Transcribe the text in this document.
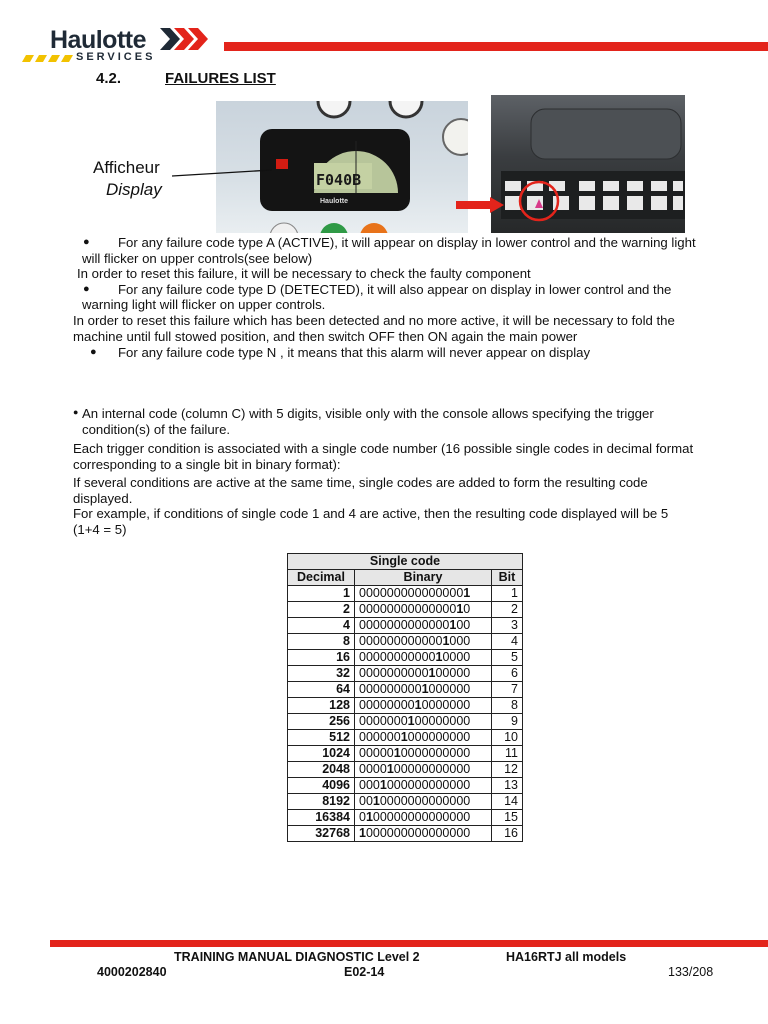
Haulotte
SERVICES
4.2.	FAILURES LIST
F040B
Haulotte
Afficheur
Display
● For any failure code type A (ACTIVE), it will appear on display in lower control and the warning light
will flicker on upper controls(see below)
In order to reset this failure, it will be necessary to check the faulty component
● For any failure code type D (DETECTED), it will also appear on display in lower control and the
warning light will flicker on upper controls.
In order to reset this failure which has been detected and no more active, it will be necessary to fold the
machine until full stowed position, and then switch OFF then ON again the main power
● For any failure code type N , it means that this alarm will never appear on display
● An internal code (column C) with 5 digits, visible only with the console allows specifying the trigger
condition(s) of the failure.
Each trigger condition is associated with a single code number (16 possible single codes in decimal format
corresponding to a single bit in binary format):
If several conditions are active at the same time, single codes are added to form the resulting code
displayed.
For example, if conditions of single code 1 and 4 are active, then the resulting code displayed will be 5
(1+4 = 5)
Single code		
Decimal	Binary	Bit
1	0000000000000001	1
2	0000000000000010	2
4	0000000000000100	3
8	0000000000001000	4
16	0000000000010000	5
32	0000000000100000	6
64	0000000001000000	7
128	0000000010000000	8
256	0000000100000000	9
512	0000001000000000	10
1024	0000010000000000	11
2048	0000100000000000	12
4096	0001000000000000	13
8192	0010000000000000	14
16384	0100000000000000	15
32768	1000000000000000	16
TRAINING MANUAL DIAGNOSTIC Level 2	HA16RTJ all models
4000202840	E02-14	133/208
